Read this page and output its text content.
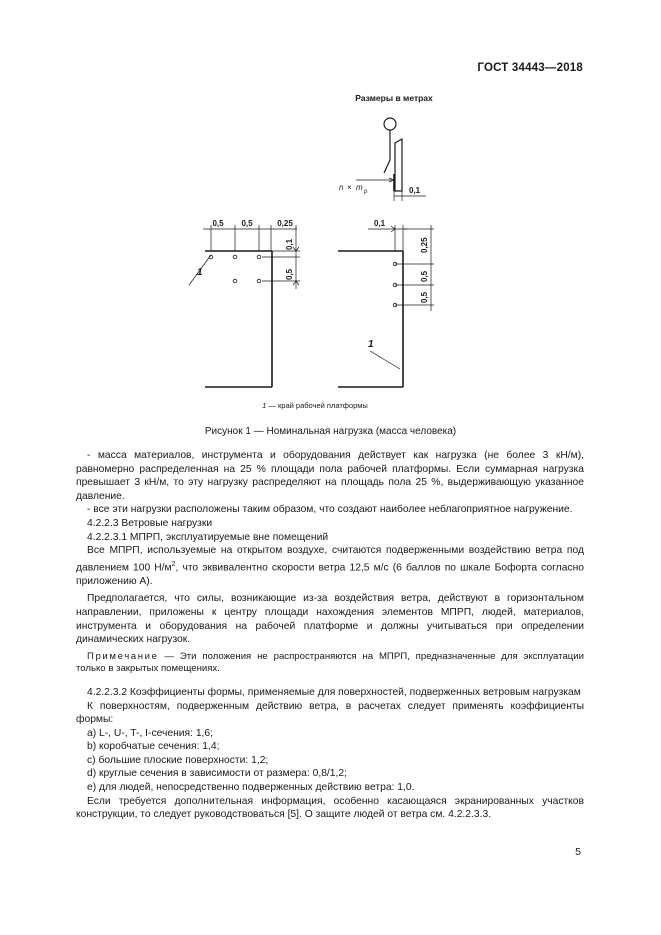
ГОСТ 34443—2018
Размеры в метрах
n × m p	0,1
0,5 0,5	0,25
0,1
0,5
1
0,1
0,25
0,5
0,5
1
1 — край рабочей платформы
Рисунок 1 — Номинальная нагрузка (масса человека)

- масса материалов, инструмента и оборудования действует как нагрузка (не более 3 кН/м), равномерно распределенная на 25 % площади пола рабочей платформы. Если суммарная нагрузка превышает 3 кН/м, то эту нагрузку распределяют на площадь пола 25 %, выдерживающую указанное давление.

- все эти нагрузки расположены таким образом, что создают наиболее неблагоприятное нагружение.

4.2.2.3 Ветровые нагрузки

4.2.2.3.1 МПРП, эксплуатируемые вне помещений

Все МПРП, используемые на открытом воздухе, считаются подверженными воздействию ветра под давлением 100 $Н/м^2$, что эквивалентно скорости ветра 12,5 м/с (6 баллов по шкале Бофорта согласно приложению А).

Предполагается, что силы, возникающие из-за воздействия ветра, действуют в горизонтальном направлении, приложены к центру площади нахождения элементов МПРП, людей, материалов, инструмента и оборудования на рабочей платформе и должны учитываться при определении динамических нагрузок.

Примечание — Эти положения не распространяются на МПРП, предназначенные для эксплуатации только в закрытых помещениях.

4.2.2.3.2 Коэффициенты формы, применяемые для поверхностей, подверженных ветровым нагрузкам

К поверхностям, подверженным действию ветра, в расчетах следует применять коэффициенты формы:

a) L-, U-, T-, I-сечения: 1,6;

b) коробчатые сечения: 1,4;

c) большие плоские поверхности: 1,2;

d) круглые сечения в зависимости от размера: 0,8/1,2;

e) для людей, непосредственно подверженных действию ветра: 1,0.

Если требуется дополнительная информация, особенно касающаяся экранированных участков конструкции, то следует руководствоваться [5]. О защите людей от ветра см. 4.2.2.3.3.

5
